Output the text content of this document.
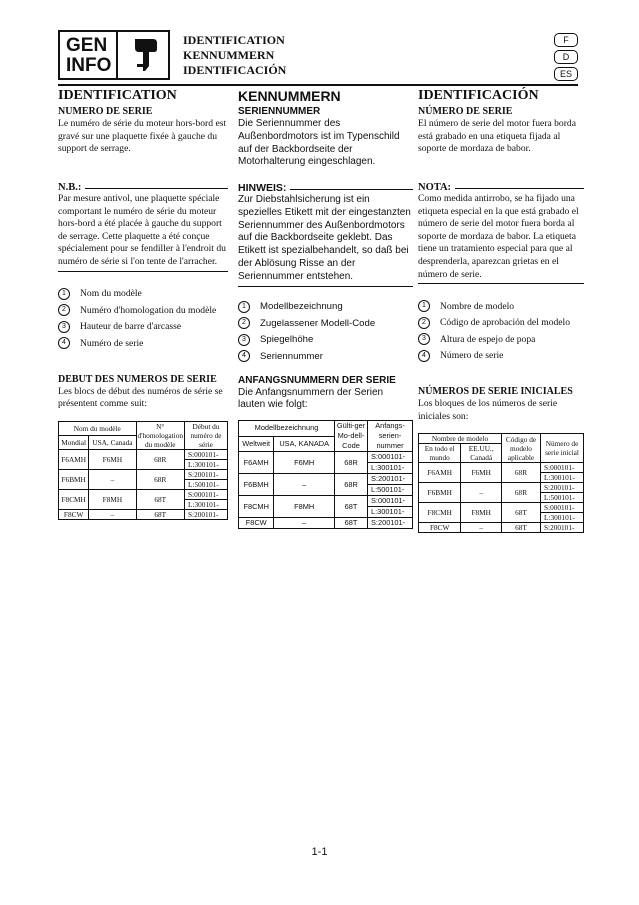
GEN
INFO
IDENTIFICATION
KENNUMMERN
IDENTIFICACIÓN
F
D
ES
IDENTIFICATION
NUMERO DE SERIE

Le numéro de série du moteur hors-bord est gravé sur une plaquette fixée à gauche du support de serrage.

N.B.:

Par mesure antivol, une plaquette spéciale comportant le numéro de série du moteur hors-bord a été placée à gauche du support de serrage. Cette plaquette a été conçue spécialement pour se fendiller à l'endroit du numéro de série si l'on tente de l'arracher.

1	Nom du modèle
2	Numéro d'homologation du modèle
3	Hauteur de barre d'arcasse
4	Numéro de serie
DEBUT DES NUMEROS DE SERIE

Les blocs de début des numéros de série se présentent comme suit:

Nom du modèle		N° d'homologation du modèle	Début du numéro de série
Mondial	USA, Canada		
F6AMH	F6MH	68R	S:000101-
			L:300101-
F6BMH	–	68R	S:200101-
			L:500101-
F8CMH	F8MH	68T	S:000101-
			L:300101-
F8CW	–	68T	S:200101-
KENNUMMERN
SERIENNUMMER

Die Seriennummer des Außenbordmotors ist im Typenschild auf der Backbordseite der Motorhalterung eingeschlagen.

HINWEIS:

Zur Diebstahlsicherung ist ein spezielles Etikett mit der eingestanzten Seriennummer des Außenbordmotors auf die Backbordseite geklebt. Das Etikett ist spezialbehandelt, so daß bei der Ablösung Risse an der Seriennummer entstehen.

1	Modellbezeichnung
2	Zugelassener Modell-Code
3	Spiegelhöhe
4	Seriennummer
ANFANGSNUMMERN DER SERIE

Die Anfangsnummern der Serien lauten wie folgt:

Modellbezeichnung		Gülti-ger Mo-dell-Code	Anfangs-serien-nummer
Weltweit	USA, KANADA		
F6AMH	F6MH	68R	S:000101-
			L:300101-
F6BMH	–	68R	S:200101-
			L:500101-
F8CMH	F8MH	68T	S:000101-
			L:300101-
F8CW	–	68T	S:200101-
IDENTIFICACIÓN
NÚMERO DE SERIE

El número de serie del motor fuera borda está grabado en una etiqueta fijada al soporte de mordaza de babor.

NOTA:

Como medida antirrobo, se ha fijado una etiqueta especial en la que está grabado el número de serie del motor fuera borda al soporte de mordaza de babor. La etiqueta tiene un tratamiento especial para que al desprenderla, aparezcan grietas en el número de serie.

1	Nombre de modelo
2	Código de aprobación del modelo
3	Altura de espejo de popa
4	Número de serie
NÚMEROS DE SERIE INICIALES

Los bloques de los números de serie iniciales son:

Nombre de modelo		Código de modelo aplicable	Número de serie inicial
En todo el mundo	EE.UU., Canadá		
F6AMH	F6MH	68R	S:000101-
			L:300101-
F6BMH	–	68R	S:200101-
			L:500101-
F8CMH	F8MH	68T	S:000101-
			L:300101-
F8CW	–	68T	S:200101-
1-1
